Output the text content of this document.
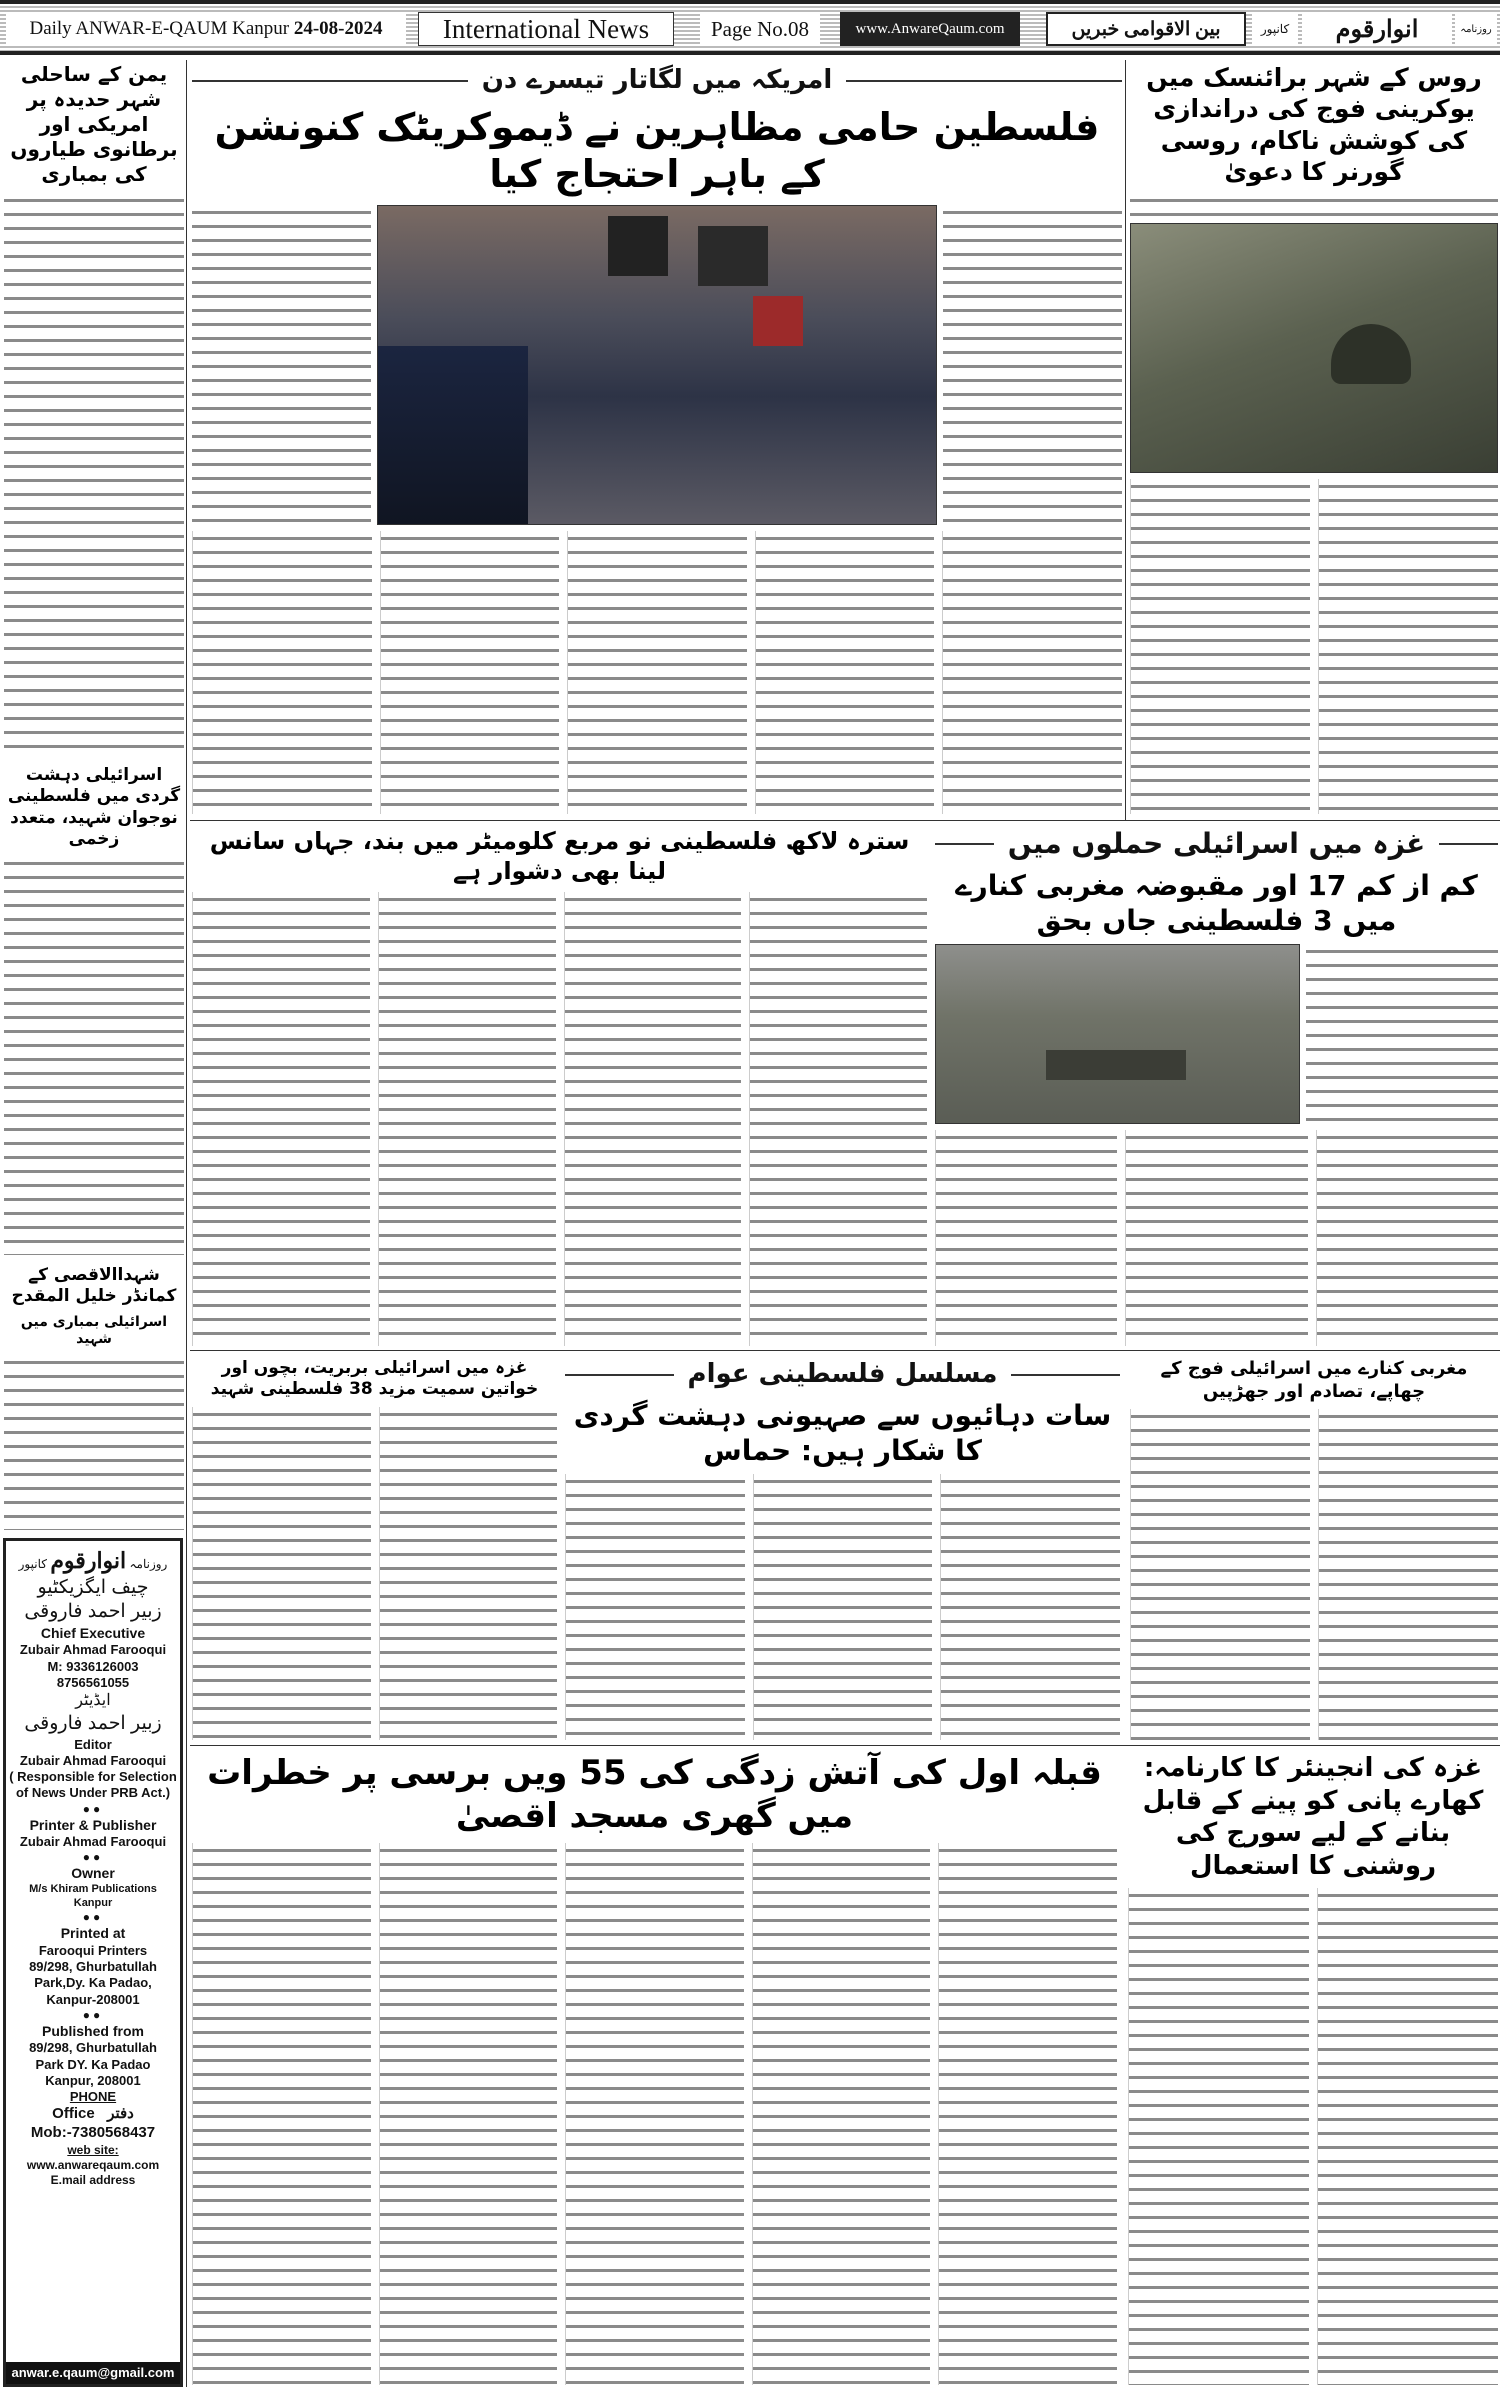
Daily ANWAR-E-QAUM Kanpur
24-08-2024	International News	Page No.08	www.AnwareQaum.com	بین الاقوامی خبریں	کانپور	انوارقوم	روزنامہ
یمن کے ساحلی شہر حدیدہ پر امریکی اور برطانوی طیاروں کی بمباری
اسرائیلی دہشت گردی میں فلسطینی نوجوان شہید، متعدد زخمی
شہداالاقصی کے کمانڈر خلیل المقدح
اسرائیلی بمباری میں شہید
روزنامہ انوارقوم کانپور
چیف ایگزیکٹیو
زبیر احمد فاروقی
Chief Executive
Zubair Ahmad Farooqui
M: 9336126003
8756561055
ایڈیٹر
زبیر احمد فاروقی
Editor
Zubair Ahmad Farooqui
( Responsible for Selection of News Under PRB Act.)
●●
Printer & Publisher
Zubair Ahmad Farooqui
●●
Owner
M/s Khiram Publications
Kanpur
●●
Printed at
Farooqui Printers
89/298, Ghurbatullah
Park,Dy. Ka Padao,
Kanpur-208001
●●
Published from
89/298, Ghurbatullah
Park DY. Ka Padao
Kanpur, 208001
PHONE
Office دفتر
Mob:-7380568437
web site:
www.anwareqaum.com
E.mail address
anwar.e.qaum@gmail.com
امریکہ میں لگاتار تیسرے دن
فلسطین حامی مظاہرین نے ڈیموکریٹک کنونشن کے باہر احتجاج کیا
روس کے شہر برائنسک میں یوکرینی فوج کی دراندازی کی کوشش ناکام، روسی گورنر کا دعویٰ
سترہ لاکھ فلسطینی نو مربع کلومیٹر میں بند، جہاں سانس لینا بھی دشوار ہے
غزہ میں اسرائیلی حملوں میں
کم از کم 17 اور مقبوضہ مغربی کنارے میں 3 فلسطینی جاں بحق
غزہ میں اسرائیلی بربریت، بچوں اور خواتین سمیت مزید 38 فلسطینی شہید
مسلسل فلسطینی عوام
سات دہائیوں سے صہیونی دہشت گردی کا شکار ہیں: حماس
مغربی کنارے میں اسرائیلی فوج کے چھاپے، تصادم اور جھڑپیں
قبلہ اول کی آتش زدگی کی 55 ویں برسی پر خطرات میں گھری مسجد اقصیٰ
غزہ کی انجینئر کا کارنامہ: کھارے پانی کو پینے کے قابل بنانے کے لیے سورج کی روشنی کا استعمال
